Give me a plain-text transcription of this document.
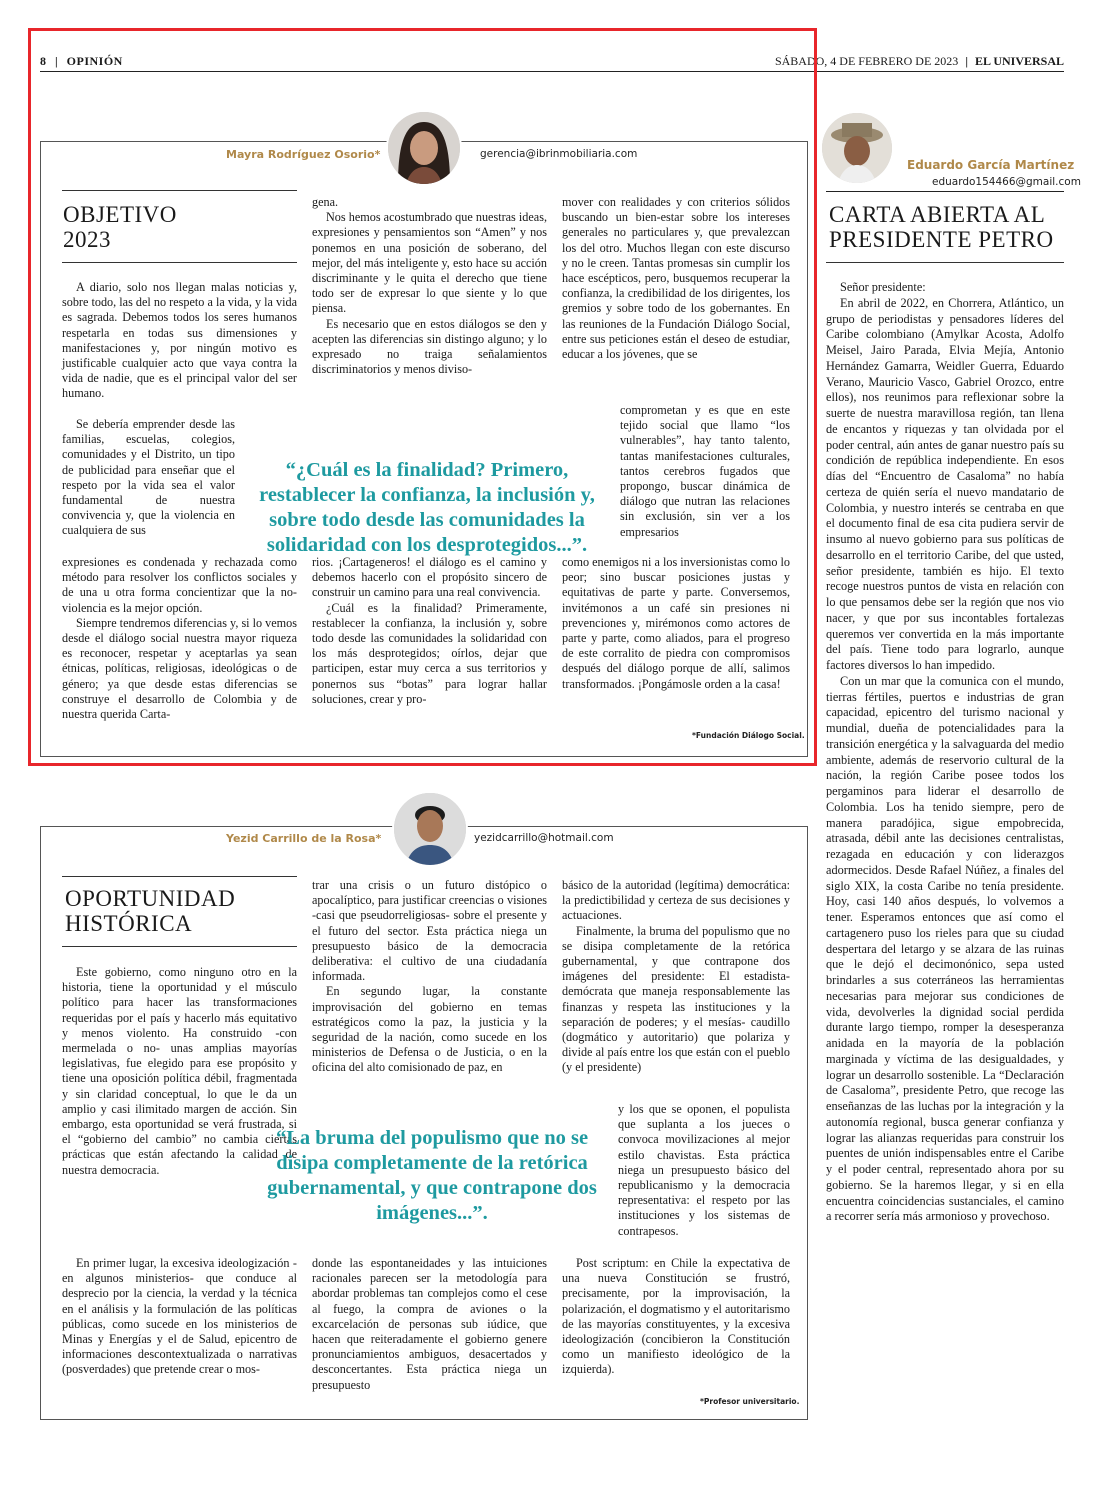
8 | OPINIÓN	SÁBADO, 4 DE FEBRERO DE 2023 | EL UNIVERSAL
Mayra Rodríguez Osorio*	gerencia@ibrinmobiliaria.com
OBJETIVO 2023

A diario, solo nos llegan malas noticias y, sobre todo, las del no respeto a la vida, y la vida es sagrada. Debemos todos los seres humanos respetarla en todas sus dimensiones y manifestaciones y, por ningún motivo es justificable cualquier acto que vaya contra la vida de nadie, que es el principal valor del ser humano.

Se debería emprender desde las familias, escuelas, colegios, comunidades y el Distrito, un tipo de publicidad para enseñar que el respeto por la vida sea el valor fundamental de nuestra convivencia y, que la violencia en cualquiera de sus

expresiones es condenada y rechazada como método para resolver los conflictos sociales y de una u otra forma concientizar que la no-violencia es la mejor opción.

Siempre tendremos diferencias y, si lo vemos desde el diálogo social nuestra mayor riqueza es reconocer, respetar y aceptarlas ya sean étnicas, políticas, religiosas, ideológicas o de género; ya que desde estas diferencias se construye el desarrollo de Colombia y de nuestra querida Carta-

gena.

Nos hemos acostumbrado que nuestras ideas, expresiones y pensamientos son “Amen” y nos ponemos en una posición de soberano, del mejor, del más inteligente y, esto hace su acción discriminante y le quita el derecho que tiene todo ser de expresar lo que siente y lo que piensa.

Es necesario que en estos diálogos se den y acepten las diferencias sin distingo alguno; y lo expresado no traiga señalamientos discriminatorios y menos diviso-

rios. ¡Cartageneros! el diálogo es el camino y debemos hacerlo con el propósito sincero de construir un camino para una real convivencia.

¿Cuál es la finalidad? Primeramente, restablecer la confianza, la inclusión y, sobre todo desde las comunidades la solidaridad con los más desprotegidos; oírlos, dejar que participen, estar muy cerca a sus territorios y ponernos sus “botas” para lograr hallar soluciones, crear y pro-

mover con realidades y con criterios sólidos buscando un bien-estar sobre los intereses generales no particulares y, que prevalezcan los del otro. Muchos llegan con este discurso y no le creen. Tantas promesas sin cumplir los hace escépticos, pero, busquemos recuperar la confianza, la credibilidad de los dirigentes, los gremios y sobre todo de los gobernantes. En las reuniones de la Fundación Diálogo Social, entre sus peticiones están el deseo de estudiar, educar a los jóvenes, que se

comprometan y es que en este tejido social que llamo “los vulnerables”, hay tanto talento, tantas manifestaciones culturales, tantos cerebros fugados que propongo, buscar dinámica de diálogo que nutran las relaciones sin exclusión, sin ver a los empresarios

como enemigos ni a los inversionistas como lo peor; sino buscar posiciones justas y equitativas de parte y parte. Conversemos, invitémonos a un café sin presiones ni prevenciones y, mirémonos como actores de parte y parte, como aliados, para el progreso de este corralito de piedra con compromisos después del diálogo porque de allí, salimos transformados. ¡Pongámosle orden a la casa!

“¿Cuál es la finalidad? Primero, restablecer la confianza, la inclusión y, sobre todo desde las comunidades la solidaridad con los desprotegidos...”.
*Fundación Diálogo Social.
Eduardo García Martínez
eduardo154466@gmail.com
CARTA ABIERTA AL PRESIDENTE PETRO

Señor presidente:

En abril de 2022, en Chorrera, Atlántico, un grupo de periodistas y pensadores líderes del Caribe colombiano (Amylkar Acosta, Adolfo Meisel, Jairo Parada, Elvia Mejía, Antonio Hernández Gamarra, Weidler Guerra, Eduardo Verano, Mauricio Vasco, Gabriel Orozco, entre ellos), nos reunimos para reflexionar sobre la suerte de nuestra maravillosa región, tan llena de encantos y riquezas y tan olvidada por el poder central, aún antes de ganar nuestro país su condición de república independiente. En esos días del “Encuentro de Casaloma” no había certeza de quién sería el nuevo mandatario de Colombia, y nuestro interés se centraba en que el documento final de esa cita pudiera servir de insumo al nuevo gobierno para sus políticas de desarrollo en el territorio Caribe, del que usted, señor presidente, también es hijo. El texto recoge nuestros puntos de vista en relación con lo que pensamos debe ser la región que nos vio nacer, y que por sus incontables fortalezas queremos ver convertida en la más importante del país. Tiene todo para lograrlo, aunque factores diversos lo han impedido.

Con un mar que la comunica con el mundo, tierras fértiles, puertos e industrias de gran capacidad, epicentro del turismo nacional y mundial, dueña de potencialidades para la transición energética y la salvaguarda del medio ambiente, además de reservorio cultural de la nación, la región Caribe posee todos los pergaminos para liderar el desarrollo de Colombia. Los ha tenido siempre, pero de manera paradójica, sigue empobrecida, atrasada, débil ante las decisiones centralistas, rezagada en educación y con liderazgos adormecidos. Desde Rafael Núñez, a finales del siglo XIX, la costa Caribe no tenía presidente. Hoy, casi 140 años después, lo volvemos a tener. Esperamos entonces que así como el cartagenero puso los rieles para que su ciudad despertara del letargo y se alzara de las ruinas que le dejó el decimonónico, sepa usted brindarles a sus coterráneos las herramientas necesarias para mejorar sus condiciones de vida, devolverles la dignidad social perdida durante largo tiempo, romper la desesperanza anidada en la mayoría de la población marginada y víctima de las desigualdades, y lograr un desarrollo sostenible. La “Declaración de Casaloma”, presidente Petro, que recoge las enseñanzas de las luchas por la integración y la autonomía regional, busca generar confianza y lograr las alianzas requeridas para construir los puentes de unión indispensables entre el Caribe y el poder central, representado ahora por su gobierno. Se la haremos llegar, y si en ella encuentra coincidencias sustanciales, el camino a recorrer sería más armonioso y provechoso.

Yezid Carrillo de la Rosa*	yezidcarrillo@hotmail.com
OPORTUNIDAD HISTÓRICA

Este gobierno, como ninguno otro en la historia, tiene la oportunidad y el músculo político para hacer las transformaciones requeridas por el país y hacerlo más equitativo y menos violento. Ha construido -con mermelada o no- unas amplias mayorías legislativas, fue elegido para ese propósito y tiene una oposición política débil, fragmentada y sin claridad conceptual, lo que le da un amplio y casi ilimitado margen de acción. Sin embargo, esta oportunidad se verá frustrada, si el “gobierno del cambio” no cambia ciertas prácticas que están afectando la calidad de nuestra democracia.

En primer lugar, la excesiva ideologización -en algunos ministerios- que conduce al desprecio por la ciencia, la verdad y la técnica en el análisis y la formulación de las políticas públicas, como sucede en los ministerios de Minas y Energías y el de Salud, epicentro de informaciones descontextualizada o narrativas (posverdades) que pretende crear o mos-

trar una crisis o un futuro distópico o apocalíptico, para justificar creencias o visiones -casi que pseudorreligiosas- sobre el presente y el futuro del sector. Esta práctica niega un presupuesto básico de la democracia deliberativa: el cultivo de una ciudadanía informada.

En segundo lugar, la constante improvisación del gobierno en temas estratégicos como la paz, la justicia y la seguridad de la nación, como sucede en los ministerios de Defensa o de Justicia, o en la oficina del alto comisionado de paz, en

donde las espontaneidades y las intuiciones racionales parecen ser la metodología para abordar problemas tan complejos como el cese al fuego, la compra de aviones o la excarcelación de personas sub iúdice, que hacen que reiteradamente el gobierno genere pronunciamientos ambiguos, desacertados y desconcertantes. Esta práctica niega un presupuesto

básico de la autoridad (legítima) democrática: la predictibilidad y certeza de sus decisiones y actuaciones.

Finalmente, la bruma del populismo que no se disipa completamente de la retórica gubernamental, y que contrapone dos imágenes del presidente: El estadista-demócrata que maneja responsablemente las finanzas y respeta las instituciones y la separación de poderes; y el mesías- caudillo (dogmático y autoritario) que polariza y divide al país entre los que están con el pueblo (y el presidente)

y los que se oponen, el populista que suplanta a los jueces o convoca movilizaciones al mejor estilo chavistas. Esta práctica niega un presupuesto básico del republicanismo y la democracia representativa: el respeto por las instituciones y los sistemas de contrapesos.

Post scriptum: en Chile la expectativa de una nueva Constitución se frustró, precisamente, por la improvisación, la polarización, el dogmatismo y el autoritarismo de las mayorías constituyentes, y la excesiva ideologización (concibieron la Constitución como un manifiesto ideológico de la izquierda).

“La bruma del populismo que no se disipa completamente de la retórica gubernamental, y que contrapone dos imágenes...”.
*Profesor universitario.
